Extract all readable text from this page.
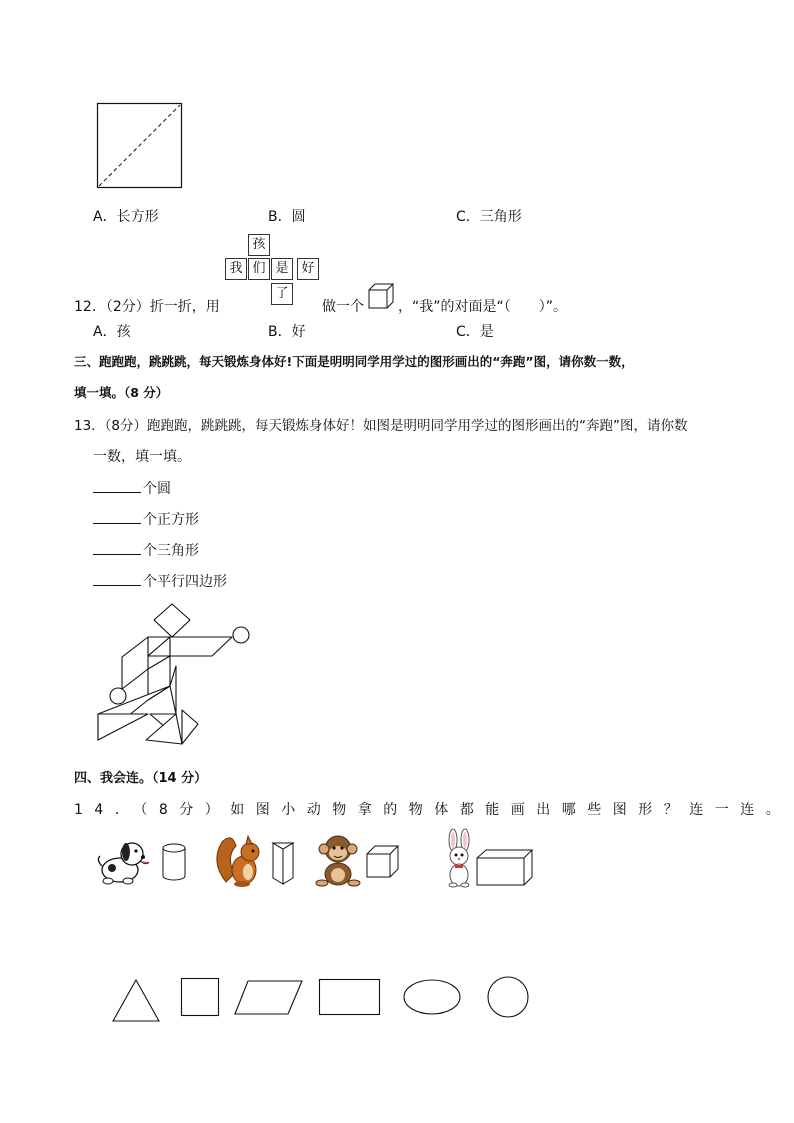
A．长方形	B．圆	C．三角形
孩
我 们 是 好
了
12．（2分）折一折，用	做一个 ，“我”的对面是“（　　）”。
A．孩	B．好	C．是
三、跑跑跑，跳跳跳，每天锻炼身体好!下面是明明同学用学过的图形画出的“奔跑”图，请你数一数，
填一填。（8 分）
13．（8分）跑跑跑，跳跳跳，每天锻炼身体好！如图是明明同学用学过的图形画出的“奔跑”图，请你数
一数，填一填。
个圆
个正方形
个三角形
个平行四边形
四、我会连。（14 分）
14．（8分）如图小动物拿的物体都能画出哪些图形？连一连。
